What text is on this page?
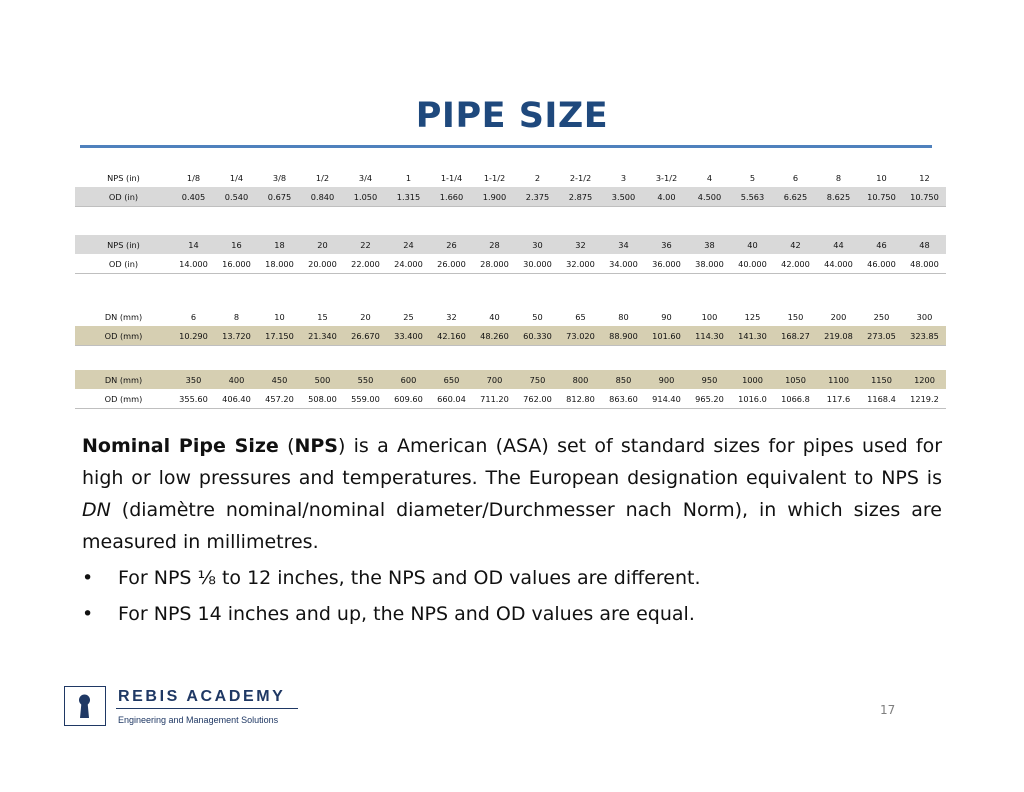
PIPE SIZE
NPS (in)	1/8	1/4	3/8	1/2	3/4	1	1-1/4	1-1/2	2	2-1/2	3	3-1/2	4	5	6	8	10	12
OD (in)	0.405	0.540	0.675	0.840	1.050	1.315	1.660	1.900	2.375	2.875	3.500	4.00	4.500	5.563	6.625	8.625	10.750	10.750
NPS (in)	14	16	18	20	22	24	26	28	30	32	34	36	38	40	42	44	46	48
OD (in)	14.000	16.000	18.000	20.000	22.000	24.000	26.000	28.000	30.000	32.000	34.000	36.000	38.000	40.000	42.000	44.000	46.000	48.000
DN (mm)	6	8	10	15	20	25	32	40	50	65	80	90	100	125	150	200	250	300
OD (mm)	10.290	13.720	17.150	21.340	26.670	33.400	42.160	48.260	60.330	73.020	88.900	101.60	114.30	141.30	168.27	219.08	273.05	323.85
DN (mm)	350	400	450	500	550	600	650	700	750	800	850	900	950	1000	1050	1100	1150	1200
OD (mm)	355.60	406.40	457.20	508.00	559.00	609.60	660.04	711.20	762.00	812.80	863.60	914.40	965.20	1016.0	1066.8	117.6	1168.4	1219.2

Nominal Pipe Size (NPS) is a American (ASA) set of standard sizes for pipes used for high or low pressures and temperatures. The European designation equivalent to NPS is DN (diamètre nominal/nominal diameter/Durchmesser nach Norm), in which sizes are measured in millimetres.

• For NPS ⅛ to 12 inches, the NPS and OD values are different.
• For NPS 14 inches and up, the NPS and OD values are equal.
REBIS ACADEMY
Engineering and Management Solutions
17
